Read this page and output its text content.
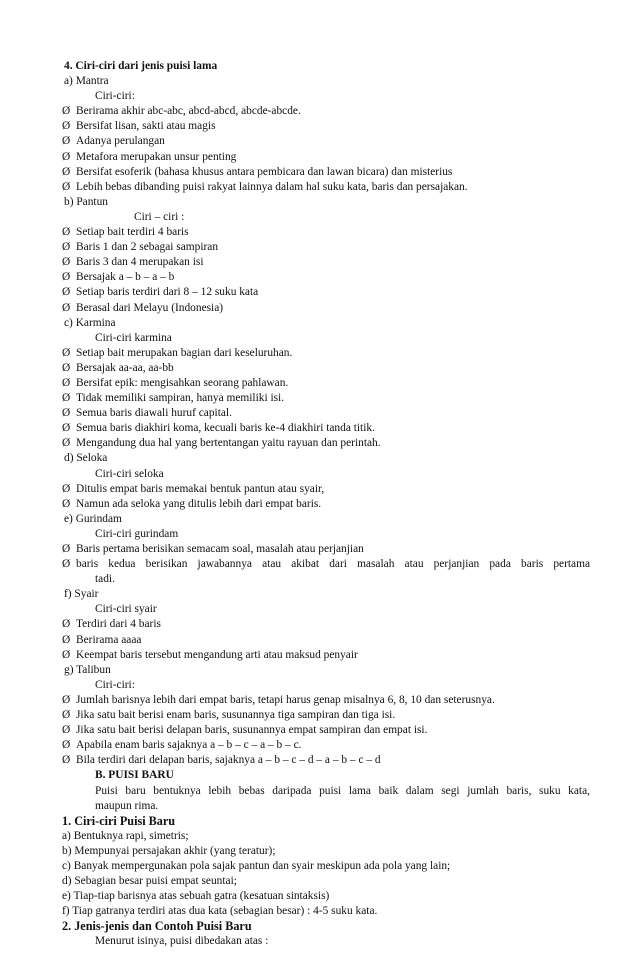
4. Ciri-ciri dari jenis puisi lama
a) Mantra
Ciri-ciri:
Ø Berirama akhir abc-abc, abcd-abcd, abcde-abcde.
Ø Bersifat lisan, sakti atau magis
Ø Adanya perulangan
Ø Metafora merupakan unsur penting
Ø Bersifat esoferik (bahasa khusus antara pembicara dan lawan bicara) dan misterius
Ø Lebih bebas dibanding puisi rakyat lainnya dalam hal suku kata, baris dan persajakan.
b) Pantun
Ciri – ciri :
Ø Setiap bait terdiri 4 baris
Ø Baris 1 dan 2 sebagai sampiran
Ø Baris 3 dan 4 merupakan isi
Ø Bersajak a – b – a – b
Ø Setiap baris terdiri dari 8 – 12 suku kata
Ø Berasal dari Melayu (Indonesia)
c) Karmina
Ciri-ciri karmina
Ø Setiap bait merupakan bagian dari keseluruhan.
Ø Bersajak aa-aa, aa-bb
Ø Bersifat epik: mengisahkan seorang pahlawan.
Ø Tidak memiliki sampiran, hanya memiliki isi.
Ø Semua baris diawali huruf capital.
Ø Semua baris diakhiri koma, kecuali baris ke-4 diakhiri tanda titik.
Ø Mengandung dua hal yang bertentangan yaitu rayuan dan perintah.
d) Seloka
Ciri-ciri seloka
Ø Ditulis empat baris memakai bentuk pantun atau syair,
Ø Namun ada seloka yang ditulis lebih dari empat baris.
e) Gurindam
Ciri-ciri gurindam
Ø Baris pertama berisikan semacam soal, masalah atau perjanjian
Ø baris kedua berisikan jawabannya atau akibat dari masalah atau perjanjian pada baris pertama
tadi.
f) Syair
Ciri-ciri syair
Ø Terdiri dari 4 baris
Ø Berirama aaaa
Ø Keempat baris tersebut mengandung arti atau maksud penyair
g) Talibun
Ciri-ciri:
Ø Jumlah barisnya lebih dari empat baris, tetapi harus genap misalnya 6, 8, 10 dan seterusnya.
Ø Jika satu bait berisi enam baris, susunannya tiga sampiran dan tiga isi.
Ø Jika satu bait berisi delapan baris, susunannya empat sampiran dan empat isi.
Ø Apabila enam baris sajaknya a – b – c – a – b – c.
Ø Bila terdiri dari delapan baris, sajaknya a – b – c – d – a – b – c – d
B. PUISI BARU
Puisi baru bentuknya lebih bebas daripada puisi lama baik dalam segi jumlah baris, suku kata,
maupun rima.
1. Ciri-ciri Puisi Baru
a) Bentuknya rapi, simetris;
b) Mempunyai persajakan akhir (yang teratur);
c) Banyak mempergunakan pola sajak pantun dan syair meskipun ada pola yang lain;
d) Sebagian besar puisi empat seuntai;
e) Tiap-tiap barisnya atas sebuah gatra (kesatuan sintaksis)
f) Tiap gatranya terdiri atas dua kata (sebagian besar) : 4-5 suku kata.
2. Jenis-jenis dan Contoh Puisi Baru
Menurut isinya, puisi dibedakan atas :
